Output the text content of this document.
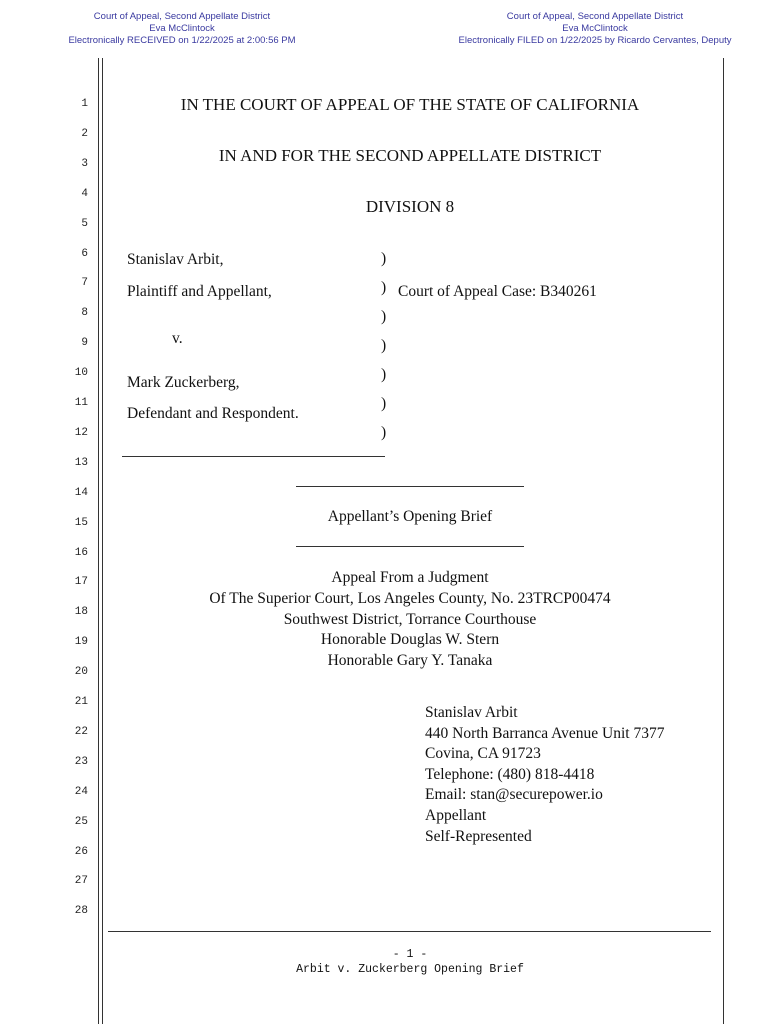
Court of Appeal, Second Appellate District
Eva McClintock
Electronically RECEIVED on 1/22/2025 at 2:00:56 PM
Court of Appeal, Second Appellate District
Eva McClintock
Electronically FILED on 1/22/2025 by Ricardo Cervantes, Deputy
1
2
3
4
5
6
7
8
9
10
11
12
13
14
15
16
17
18
19
20
21
22
23
24
25
26
27
28
IN THE COURT OF APPEAL OF THE STATE OF CALIFORNIA
IN AND FOR THE SECOND APPELLATE DISTRICT
DIVISION 8
Stanislav Arbit,
Plaintiff and Appellant,
v.
Mark Zuckerberg,
Defendant and Respondent.
Court of Appeal Case: B340261
)
)
)
)
)
)
)
Appellant’s Opening Brief
Appeal From a Judgment
Of The Superior Court, Los Angeles County, No. 23TRCP00474
Southwest District, Torrance Courthouse
Honorable Douglas W. Stern
Honorable Gary Y. Tanaka
Stanislav Arbit
440 North Barranca Avenue Unit 7377
Covina, CA 91723
Telephone: (480) 818-4418
Email: stan@securepower.io
Appellant
Self-Represented
- 1 -
Arbit v. Zuckerberg Opening Brief
